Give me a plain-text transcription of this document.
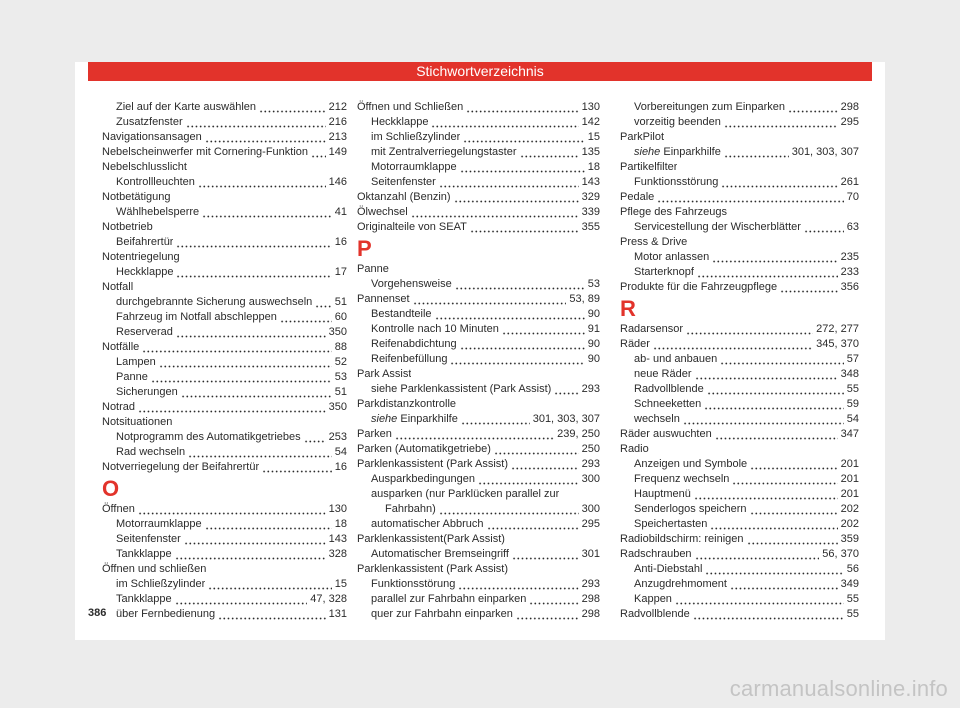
Stichwortverzeichnis
Ziel auf der Karte auswählen	212
Zusatzfenster	216
Navigationsansagen	213
Nebelscheinwerfer mit Cornering-Funktion 149
Nebelschlusslicht
Kontrollleuchten	146
Notbetätigung
Wählhebelsperre	41
Notbetrieb
Beifahrertür	16
Notentriegelung
Heckklappe	17
Notfall
durchgebrannte Sicherung auswechseln 51
Fahrzeug im Notfall abschleppen	60
Reserverad	350
Notfälle	88
Lampen	52
Panne	53
Sicherungen	51
Notrad	350
Notsituationen
Notprogramm des Automatikgetriebes	253
Rad wechseln	54
Notverriegelung der Beifahrertür	16
O
Öffnen	130
Motorraumklappe	18
Seitenfenster	143
Tankklappe	328
Öffnen und schließen
im Schließzylinder	15
Tankklappe	47, 328
über Fernbedienung	131
Öffnen und Schließen	130
Heckklappe	142
im Schließzylinder	15
mit Zentralverriegelungstaster	135
Motorraumklappe	18
Seitenfenster	143
Oktanzahl (Benzin)	329
Ölwechsel	339
Originalteile von SEAT	355
P
Panne
Vorgehensweise	53
Pannenset	53, 89
Bestandteile	90
Kontrolle nach 10 Minuten	91
Reifenabdichtung	90
Reifenbefüllung	90
Park Assist
siehe Parklenkassistent (Park Assist)	293
Parkdistanzkontrolle
siehe Einparkhilfe	301, 303, 307
Parken	239, 250
Parken (Automatikgetriebe)	250
Parklenkassistent (Park Assist)	293
Ausparkbedingungen	300
ausparken (nur Parklücken parallel zur
Fahrbahn)	300
automatischer Abbruch	295
Parklenkassistent(Park Assist)
Automatischer Bremseingriff	301
Parklenkassistent (Park Assist)
Funktionsstörung	293
parallel zur Fahrbahn einparken	298
quer zur Fahrbahn einparken	298
Vorbereitungen zum Einparken	298
vorzeitig beenden	295
ParkPilot
siehe Einparkhilfe	301, 303, 307
Partikelfilter
Funktionsstörung	261
Pedale	70
Pflege des Fahrzeugs
Servicestellung der Wischerblätter	63
Press & Drive
Motor anlassen	235
Starterknopf	233
Produkte für die Fahrzeugpflege	356
R
Radarsensor	272, 277
Räder	345, 370
ab- und anbauen	57
neue Räder	348
Radvollblende	55
Schneeketten	59
wechseln	54
Räder auswuchten	347
Radio
Anzeigen und Symbole	201
Frequenz wechseln	201
Hauptmenü	201
Senderlogos speichern	202
Speichertasten	202
Radiobildschirm: reinigen	359
Radschrauben	56, 370
Anti-Diebstahl	56
Anzugdrehmoment	349
Kappen	55
Radvollblende	55
386
carmanualsonline.info
